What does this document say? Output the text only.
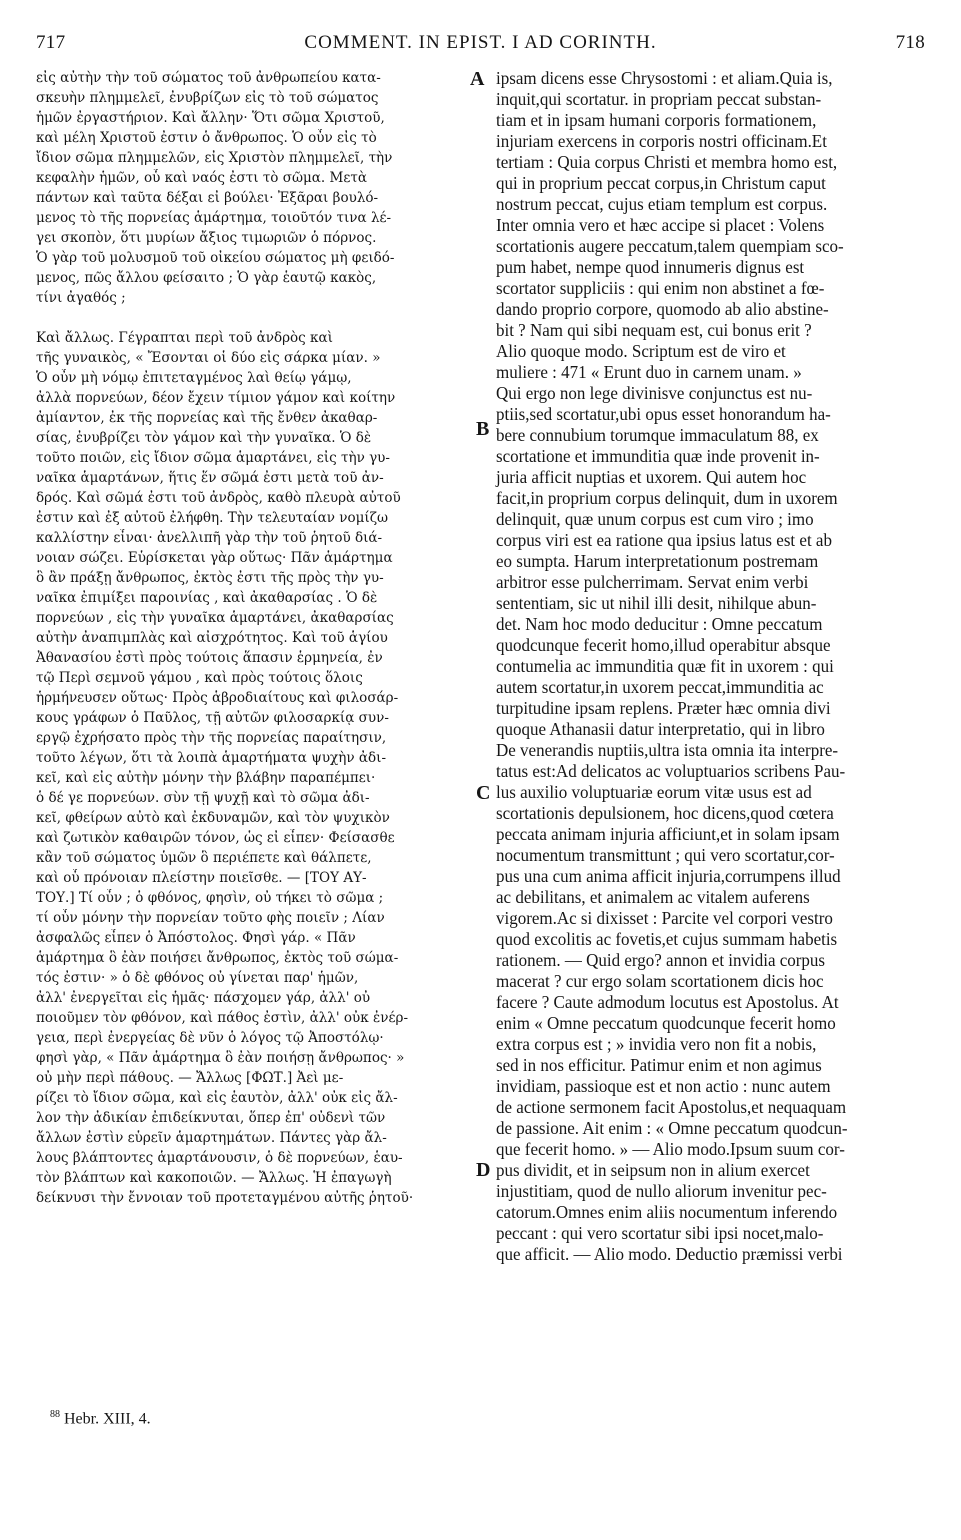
717	COMMENT. IN EPIST. I AD CORINTH.	718
εἰς αὐτὴν τὴν τοῦ σώματος τοῦ ἀνθρωπείου κατα-
σκευὴν πλημμελεῖ, ἐνυβρίζων εἰς τὸ τοῦ σώματος
ἡμῶν ἐργαστήριον. Καὶ ἄλλην· Ὅτι σῶμα Χριστοῦ,
καὶ μέλη Χριστοῦ ἐστιν ὁ ἄνθρωπος. Ὁ οὖν εἰς τὸ
ἴδιον σῶμα πλημμελῶν, εἰς Χριστὸν πλημμελεῖ, τὴν
κεφαλὴν ἡμῶν, οὗ καὶ ναός ἐστι τὸ σῶμα. Μετὰ
πάντων καὶ ταῦτα δέξαι εἰ βούλει· Ἐξᾶραι βουλό-
μενος τὸ τῆς πορνείας ἁμάρτημα, τοιοῦτόν τινα λέ-
γει σκοπὸν, ὅτι μυρίων ἄξιος τιμωριῶν ὁ πόρνος.
Ὁ γὰρ τοῦ μολυσμοῦ τοῦ οἰκείου σώματος μὴ φειδό-
μενος, πῶς ἄλλου φείσαιτο ; Ὁ γὰρ ἑαυτῷ κακὸς,
τίνι ἀγαθός ;
Καὶ ἄλλως. Γέγραπται περὶ τοῦ ἀνδρὸς καὶ
τῆς γυναικὸς, « Ἔσονται οἱ δύο εἰς σάρκα μίαν. »
Ὁ οὖν μὴ νόμῳ ἐπιτεταγμένος λαὶ θείῳ γάμῳ,
ἀλλὰ πορνεύων, δέον ἔχειν τίμιον γάμον καὶ κοίτην
ἀμίαντον, ἐκ τῆς πορνείας καὶ τῆς ἔνθεν ἀκαθαρ-
σίας, ἐνυβρίζει τὸν γάμον καὶ τὴν γυναῖκα. Ὁ δὲ
τοῦτο ποιῶν, εἰς ἴδιον σῶμα ἁμαρτάνει, εἰς τὴν γυ-
ναῖκα ἁμαρτάνων, ἥτις ἕν σῶμά ἐστι μετὰ τοῦ ἀν-
δρός. Καὶ σῶμά ἐστι τοῦ ἀνδρὸς, καθὸ πλευρὰ αὐτοῦ
ἐστιν καὶ ἐξ αὐτοῦ ἐλήφθη. Τὴν τελευταίαν νομίζω
καλλίστην εἶναι· ἀνελλιπῆ γὰρ τὴν τοῦ ῥητοῦ διά-
νοιαν σώζει. Εὑρίσκεται γὰρ οὕτως· Πᾶν ἁμάρτημα
ὃ ἂν πράξῃ ἄνθρωπος, ἐκτὸς ἐστι τῆς πρὸς τὴν γυ-
ναῖκα ἐπιμίξει παροινίας , καὶ ἀκαθαρσίας . Ὁ δὲ
πορνεύων , εἰς τὴν γυναῖκα ἁμαρτάνει, ἀκαθαρσίας
αὐτὴν ἀναπιμπλὰς καὶ αἰσχρότητος. Καὶ τοῦ ἁγίου
Ἀθανασίου ἐστὶ πρὸς τούτοις ἅπασιν ἑρμηνεία, ἐν
τῷ Περὶ σεμνοῦ γάμου , καὶ πρὸς τούτοις ὅλοις
ἡρμήνευσεν οὕτως· Πρὸς ἁβροδιαίτους καὶ φιλοσάρ-
κους γράφων ὁ Παῦλος, τῇ αὐτῶν φιλοσαρκίᾳ συν-
εργῷ ἐχρήσατο πρὸς τὴν τῆς πορνείας παραίτησιν,
τοῦτο λέγων, ὅτι τὰ λοιπὰ ἁμαρτήματα ψυχὴν ἀδι-
κεῖ, καὶ εἰς αὐτὴν μόνην τὴν βλάβην παραπέμπει·
ὁ δέ γε πορνεύων. σὺν τῇ ψυχῇ καὶ τὸ σῶμα ἀδι-
κεῖ, φθείρων αὐτὸ καὶ ἐκδυναμῶν, καὶ τὸν ψυχικὸν
καὶ ζωτικὸν καθαιρῶν τόνον, ὡς εἰ εἶπεν· Φείσασθε
κἂν τοῦ σώματος ὑμῶν ὃ περιέπετε καὶ θάλπετε,
καὶ οὗ πρόνοιαν πλείστην ποιεῖσθε. — [ΤΟΥ ΑΥ-
ΤΟΥ.] Τί οὖν ; ὁ φθόνος, φησὶν, οὐ τήκει τὸ σῶμα ;
τί οὖν μόνην τὴν πορνείαν τοῦτο φὴς ποιεῖν ; Λίαν
ἀσφαλῶς εἶπεν ὁ Ἀπόστολος. Φησὶ γάρ. « Πᾶν
ἁμάρτημα ὃ ἐὰν ποιήσει ἄνθρωπος, ἐκτὸς τοῦ σώμα-
τός ἐστιν· » ὁ δὲ φθόνος οὐ γίνεται παρ' ἡμῶν,
ἀλλ' ἐνεργεῖται εἰς ἡμᾶς· πάσχομεν γάρ, ἀλλ' οὐ
ποιοῦμεν τὸν φθόνον, καὶ πάθος ἐστὶν, ἀλλ' οὐκ ἐνέρ-
γεια, περὶ ἐνεργείας δὲ νῦν ὁ λόγος τῷ Ἀποστόλῳ·
φησὶ γὰρ, « Πᾶν ἁμάρτημα ὃ ἐὰν ποιήσῃ ἄνθρωπος· »
οὐ μὴν περὶ πάθους. — Ἄλλως [ΦΩΤ.] Ἀεὶ με-
ρίζει τὸ ἴδιον σῶμα, καὶ εἰς ἑαυτὸν, ἀλλ' οὐκ εἰς ἄλ-
λον τὴν ἀδικίαν ἐπιδείκνυται, ὅπερ ἐπ' οὐδενὶ τῶν
ἄλλων ἐστὶν εὑρεῖν ἁμαρτημάτων. Πάντες γὰρ ἄλ-
λους βλάπτοντες ἁμαρτάνουσιν, ὁ δὲ πορνεύων, ἑαυ-
τὸν βλάπτων καὶ κακοποιῶν. — Ἄλλως. Ἡ ἐπαγωγὴ
δείκνυσι τὴν ἔννοιαν τοῦ προτεταγμένου αὐτῆς ῥητοῦ·
ipsam dicens esse Chrysostomi : et aliam.Quia is,
inquit,qui scortatur. in propriam peccat substan-
tiam et in ipsam humani corporis formationem,
injuriam exercens in corporis nostri officinam.Et
tertiam : Quia corpus Christi et membra homo est,
qui in proprium peccat corpus,in Christum caput
nostrum peccat, cujus etiam templum est corpus.
Inter omnia vero et hæc accipe si placet : Volens
scortationis augere peccatum,talem quempiam sco-
pum habet, nempe quod innumeris dignus est
scortator suppliciis : qui enim non abstinet a fœ-
dando proprio corpore, quomodo ab alio abstine-
bit ? Nam qui sibi nequam est, cui bonus erit ?
Alio quoque modo. Scriptum est de viro et
muliere : 471 « Erunt duo in carnem unam. »
Qui ergo non lege divinisve conjunctus est nu-
ptiis,sed scortatur,ubi opus esset honorandum ha-
bere connubium torumque immaculatum 88, ex
scortatione et immunditia quæ inde provenit in-
juria afficit nuptias et uxorem. Qui autem hoc
facit,in proprium corpus delinquit, dum in uxorem
delinquit, quæ unum corpus est cum viro ; imo
corpus viri est ea ratione qua ipsius latus est et ab
eo sumpta. Harum interpretationum postremam
arbitror esse pulcherrimam. Servat enim verbi
sententiam, sic ut nihil illi desit, nihilque abun-
det. Nam hoc modo deducitur : Omne peccatum
quodcunque fecerit homo,illud operabitur absque
contumelia ac immunditia quæ fit in uxorem : qui
autem scortatur,in uxorem peccat,immunditia ac
turpitudine ipsam replens. Præter hæc omnia divi
quoque Athanasii datur interpretatio, qui in libro
De venerandis nuptiis,ultra ista omnia ita interpre-
tatus est:Ad delicatos ac voluptuarios scribens Pau-
lus auxilio voluptuariæ eorum vitæ usus est ad
scortationis depulsionem, hoc dicens,quod cœtera
peccata animam injuria afficiunt,et in solam ipsam
nocumentum transmittunt ; qui vero scortatur,cor-
pus una cum anima afficit injuria,corrumpens illud
ac debilitans, et animalem ac vitalem auferens
vigorem.Ac si dixisset : Parcite vel corpori vestro
quod excolitis ac fovetis,et cujus summam habetis
rationem. — Quid ergo? annon et invidia corpus
macerat ? cur ergo solam scortationem dicis hoc
facere ? Caute admodum locutus est Apostolus. At
enim « Omne peccatum quodcunque fecerit homo
extra corpus est ; » invidia vero non fit a nobis,
sed in nos efficitur. Patimur enim et non agimus
invidiam, passioque est et non actio : nunc autem
de actione sermonem facit Apostolus,et nequaquam
de passione. Ait enim : « Omne peccatum quodcun-
que fecerit homo. » — Alio modo.Ipsum suum cor-
pus dividit, et in seipsum non in alium exercet
injustitiam, quod de nullo aliorum invenitur pec-
catorum.Omnes enim aliis nocumentum inferendo
peccant : qui vero scortatur sibi ipsi nocet,malo-
que afficit. — Alio modo. Deductio præmissi verbi
A
B
C
D
$^{88}$ Hebr. XIII, 4.
